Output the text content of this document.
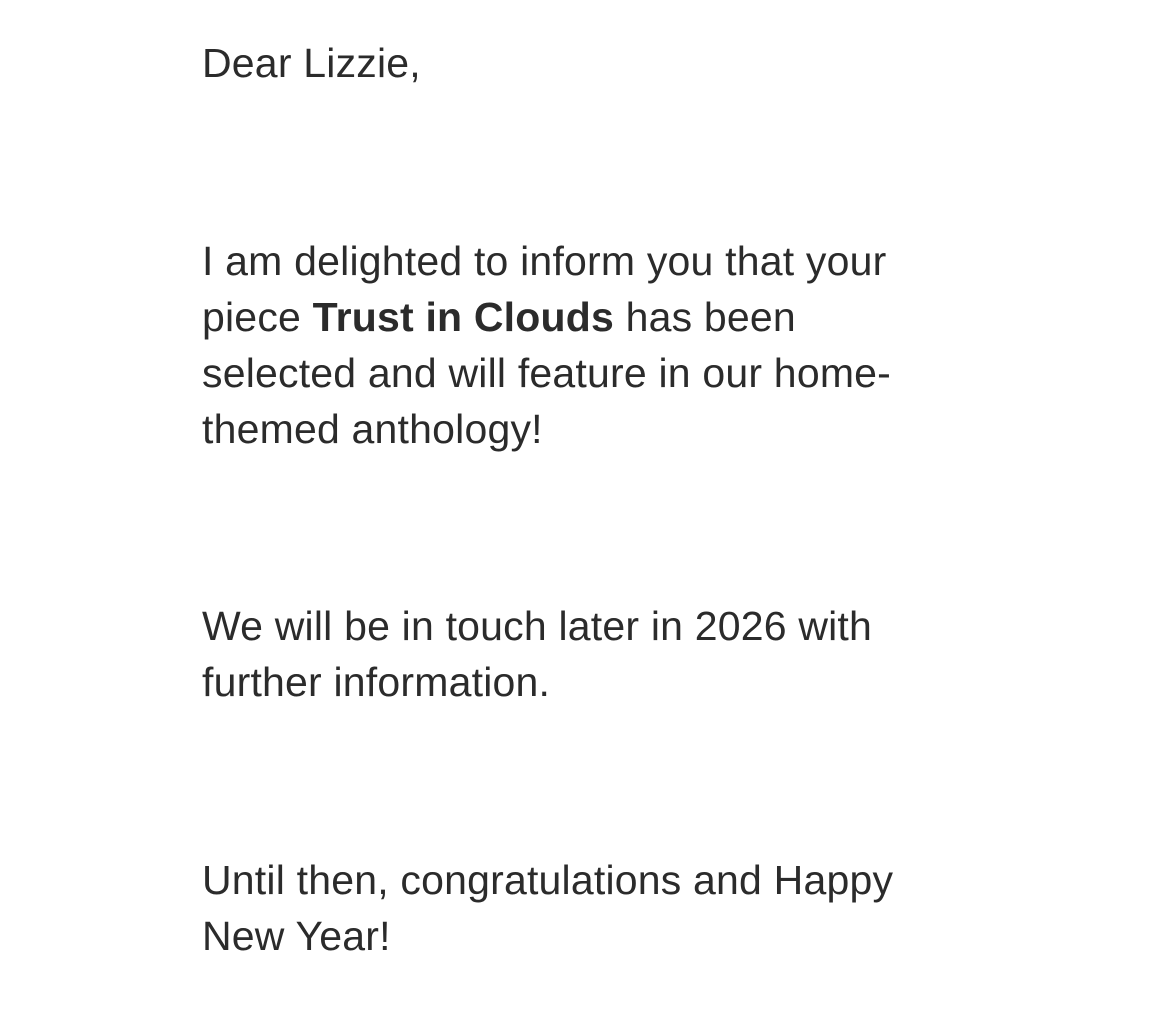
Dear Lizzie,

I am delighted to inform you that your
piece Trust in Clouds has been
selected and will feature in our home-
themed anthology!

We will be in touch later in 2026 with
further information.

Until then, congratulations and Happy
New Year!
